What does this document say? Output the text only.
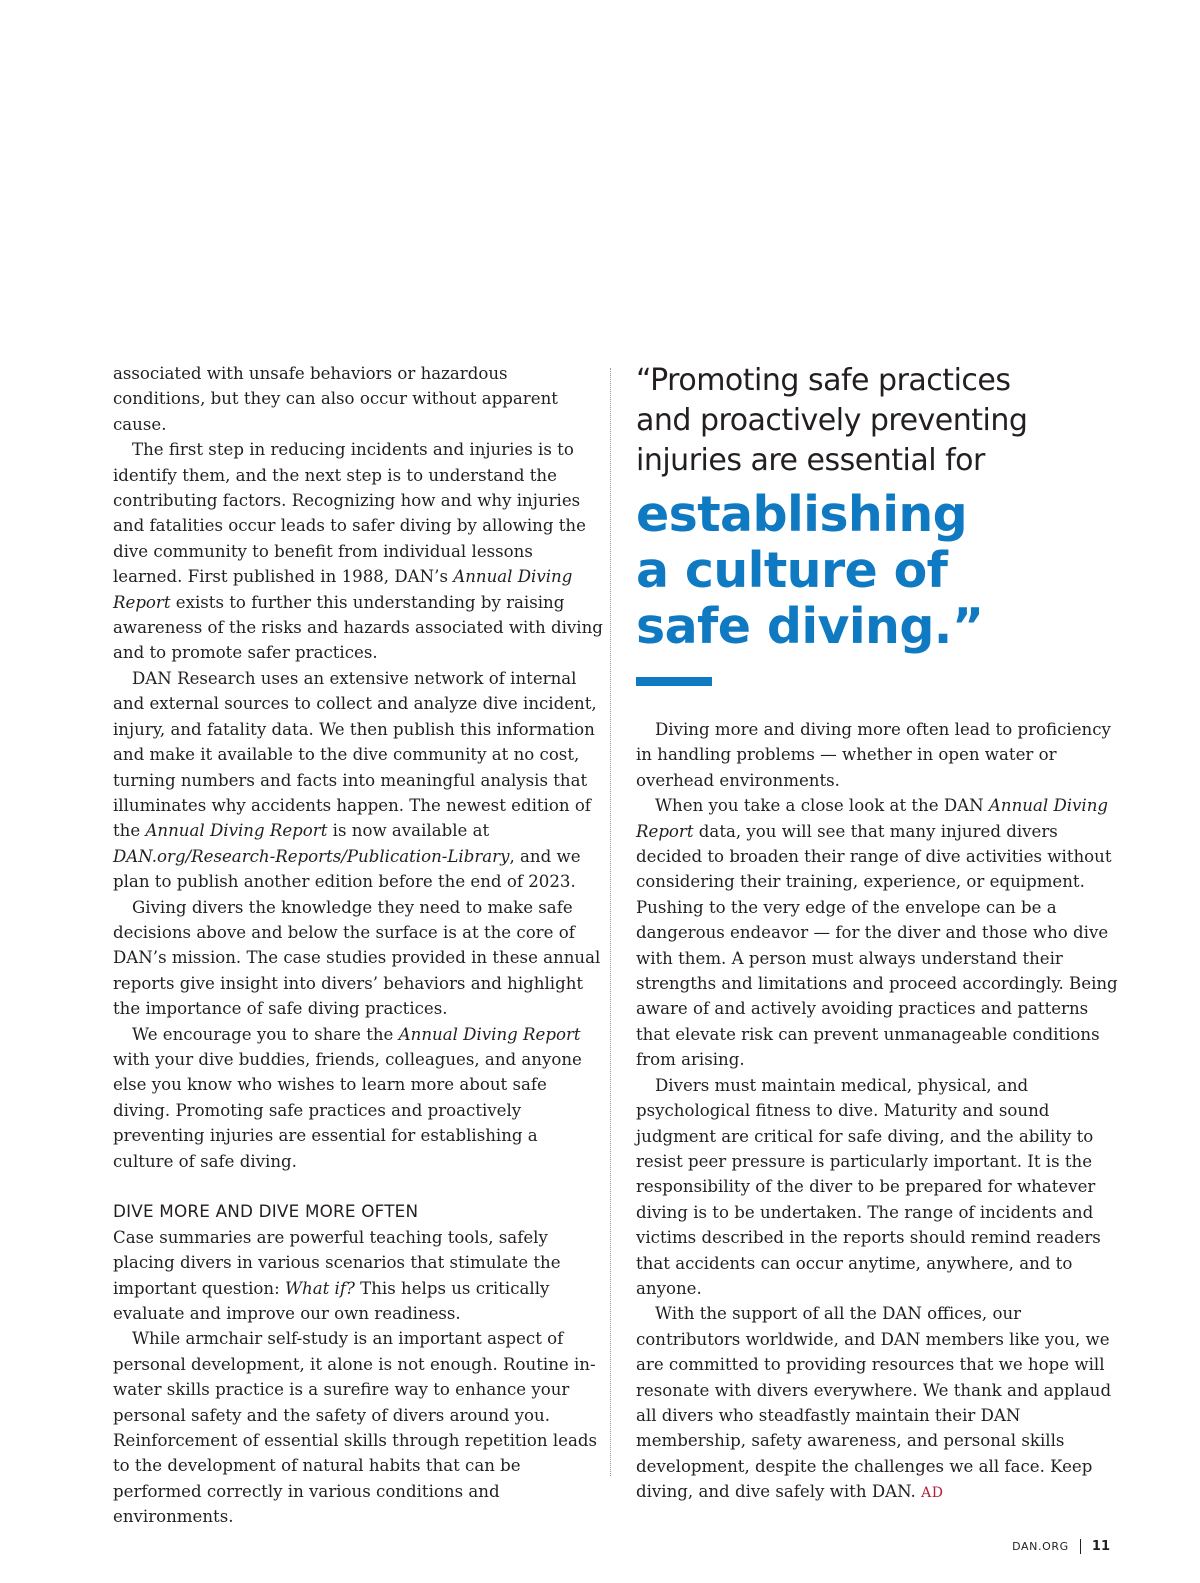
associated with unsafe behaviors or hazardous conditions, but they can also occur without apparent cause.

The first step in reducing incidents and injuries is to identify them, and the next step is to understand the contributing factors. Recognizing how and why injuries and fatalities occur leads to safer diving by allowing the dive community to benefit from individual lessons learned. First published in 1988, DAN’s Annual Diving Report exists to further this understanding by raising awareness of the risks and hazards associated with diving and to promote safer practices.

DAN Research uses an extensive network of internal and external sources to collect and analyze dive incident, injury, and fatality data. We then publish this information and make it available to the dive community at no cost, turning numbers and facts into meaningful analysis that illuminates why accidents happen. The newest edition of the Annual Diving Report is now available at DAN.org/Research-Reports/Publication-Library, and we plan to publish another edition before the end of 2023.

Giving divers the knowledge they need to make safe decisions above and below the surface is at the core of DAN’s mission. The case studies provided in these annual reports give insight into divers’ behaviors and highlight the importance of safe diving practices.

We encourage you to share the Annual Diving Report with your dive buddies, friends, colleagues, and anyone else you know who wishes to learn more about safe diving. Promoting safe practices and proactively preventing injuries are essential for establishing a culture of safe diving.

DIVE MORE AND DIVE MORE OFTEN

Case summaries are powerful teaching tools, safely placing divers in various scenarios that stimulate the important question: What if? This helps us critically evaluate and improve our own readiness.

While armchair self-study is an important aspect of personal development, it alone is not enough. Routine in-water skills practice is a surefire way to enhance your personal safety and the safety of divers around you. Reinforcement of essential skills through repetition leads to the development of natural habits that can be performed correctly in various conditions and environments.

“Promoting safe practices
and proactively preventing
injuries are essential for
establishing
a culture of
safe diving.”

Diving more and diving more often lead to proficiency in handling problems — whether in open water or overhead environments.

When you take a close look at the DAN Annual Diving Report data, you will see that many injured divers decided to broaden their range of dive activities without considering their training, experience, or equipment. Pushing to the very edge of the envelope can be a dangerous endeavor — for the diver and those who dive with them. A person must always understand their strengths and limitations and proceed accordingly. Being aware of and actively avoiding practices and patterns that elevate risk can prevent unmanageable conditions from arising.

Divers must maintain medical, physical, and psychological fitness to dive. Maturity and sound judgment are critical for safe diving, and the ability to resist peer pressure is particularly important. It is the responsibility of the diver to be prepared for whatever diving is to be undertaken. The range of incidents and victims described in the reports should remind readers that accidents can occur anytime, anywhere, and to anyone.

With the support of all the DAN offices, our contributors worldwide, and DAN members like you, we are committed to providing resources that we hope will resonate with divers everywhere. We thank and applaud all divers who steadfastly maintain their DAN membership, safety awareness, and personal skills development, despite the challenges we all face. Keep diving, and dive safely with DAN. AD

DAN.ORG 11
